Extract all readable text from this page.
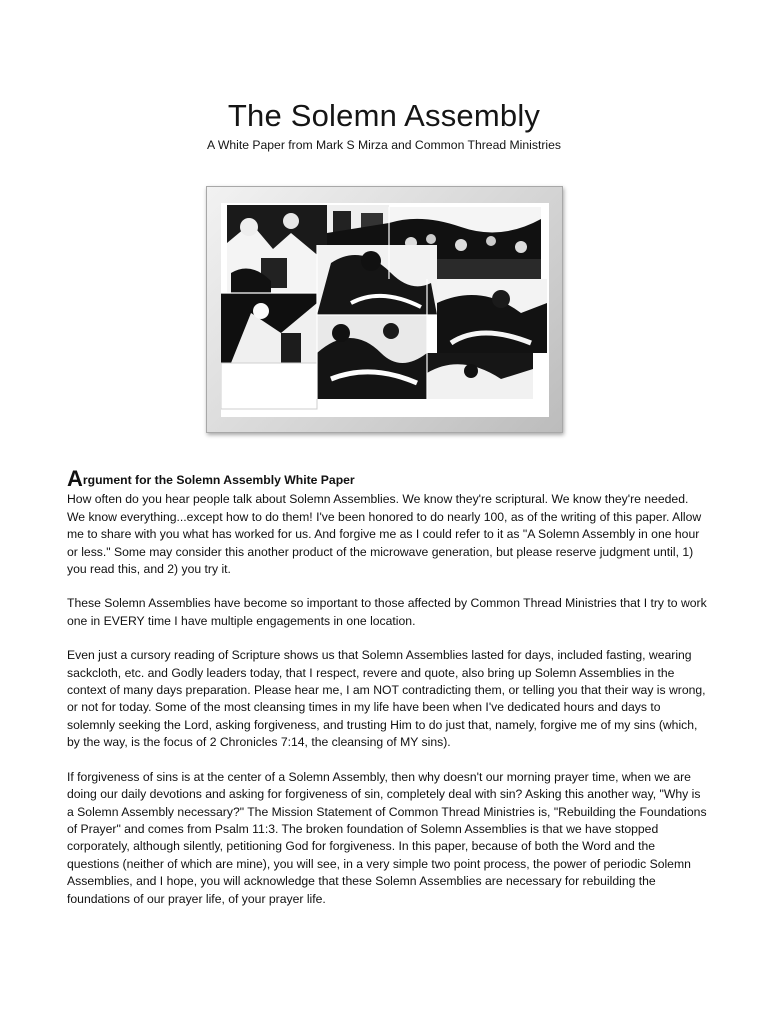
The Solemn Assembly
A White Paper from Mark S Mirza and Common Thread Ministries
Argument for the Solemn Assembly White Paper

How often do you hear people talk about Solemn Assemblies. We know they're scriptural. We know they're needed. We know everything...except how to do them! I've been honored to do nearly 100, as of the writing of this paper. Allow me to share with you what has worked for us. And forgive me as I could refer to it as "A Solemn Assembly in one hour or less." Some may consider this another product of the microwave generation, but please reserve judgment until, 1) you read this, and 2) you try it.

These Solemn Assemblies have become so important to those affected by Common Thread Ministries that I try to work one in EVERY time I have multiple engagements in one location.

Even just a cursory reading of Scripture shows us that Solemn Assemblies lasted for days, included fasting, wearing sackcloth, etc. and Godly leaders today, that I respect, revere and quote, also bring up Solemn Assemblies in the context of many days preparation. Please hear me, I am NOT contradicting them, or telling you that their way is wrong, or not for today. Some of the most cleansing times in my life have been when I've dedicated hours and days to solemnly seeking the Lord, asking forgiveness, and trusting Him to do just that, namely, forgive me of my sins (which, by the way, is the focus of 2 Chronicles 7:14, the cleansing of MY sins).

If forgiveness of sins is at the center of a Solemn Assembly, then why doesn't our morning prayer time, when we are doing our daily devotions and asking for forgiveness of sin, completely deal with sin? Asking this another way, "Why is a Solemn Assembly necessary?" The Mission Statement of Common Thread Ministries is, "Rebuilding the Foundations of Prayer" and comes from Psalm 11:3. The broken foundation of Solemn Assemblies is that we have stopped corporately, although silently, petitioning God for forgiveness. In this paper, because of both the Word and the questions (neither of which are mine), you will see, in a very simple two point process, the power of periodic Solemn Assemblies, and I hope, you will acknowledge that these Solemn Assemblies are necessary for rebuilding the foundations of our prayer life, of your prayer life.
